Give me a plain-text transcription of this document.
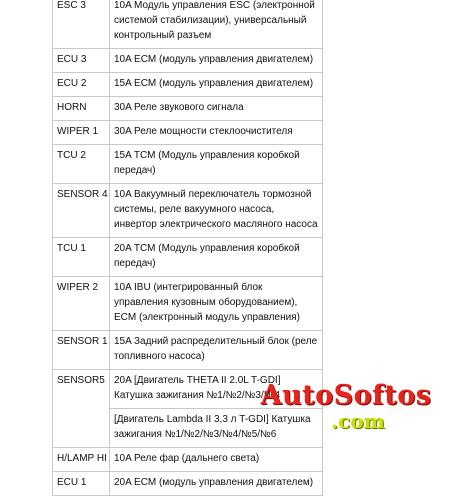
ESC 3	10A Модуль управления ESC (электронной системой стабилизации), универсальный контрольный разъем
ECU 3	10A ECM (модуль управления двигателем)
ECU 2	15A ECM (модуль управления двигателем)
HORN	30A Реле звукового сигнала
WIPER 1	30A Реле мощности стеклоочистителя
TCU 2	15A TCM (Модуль управления коробкой передач)
SENSOR 4	10A Вакуумный переключатель тормозной системы, реле вакуумного насоса, инвертор электрического масляного насоса
TCU 1	20A TCM (Модуль управления коробкой передач)
WIPER 2	10A IBU (интегрированный блок управления кузовным оборудованием), ECM (электронный модуль управления)
SENSOR 1	15A Задний распределительный блок (реле топливного насоса)
SENSOR5	20A [Двигатель THETA II 2.0L T-GDI] Катушка зажигания №1/№2/№3/№4
	[Двигатель Lambda II 3,3 л T-GDI] Катушка зажигания №1/№2/№3/№4/№5/№6
H/LAMP HI	10A Реле фар (дальнего света)
ECU 1	20A ECM (модуль управления двигателем)
AutoSoftos
.com
